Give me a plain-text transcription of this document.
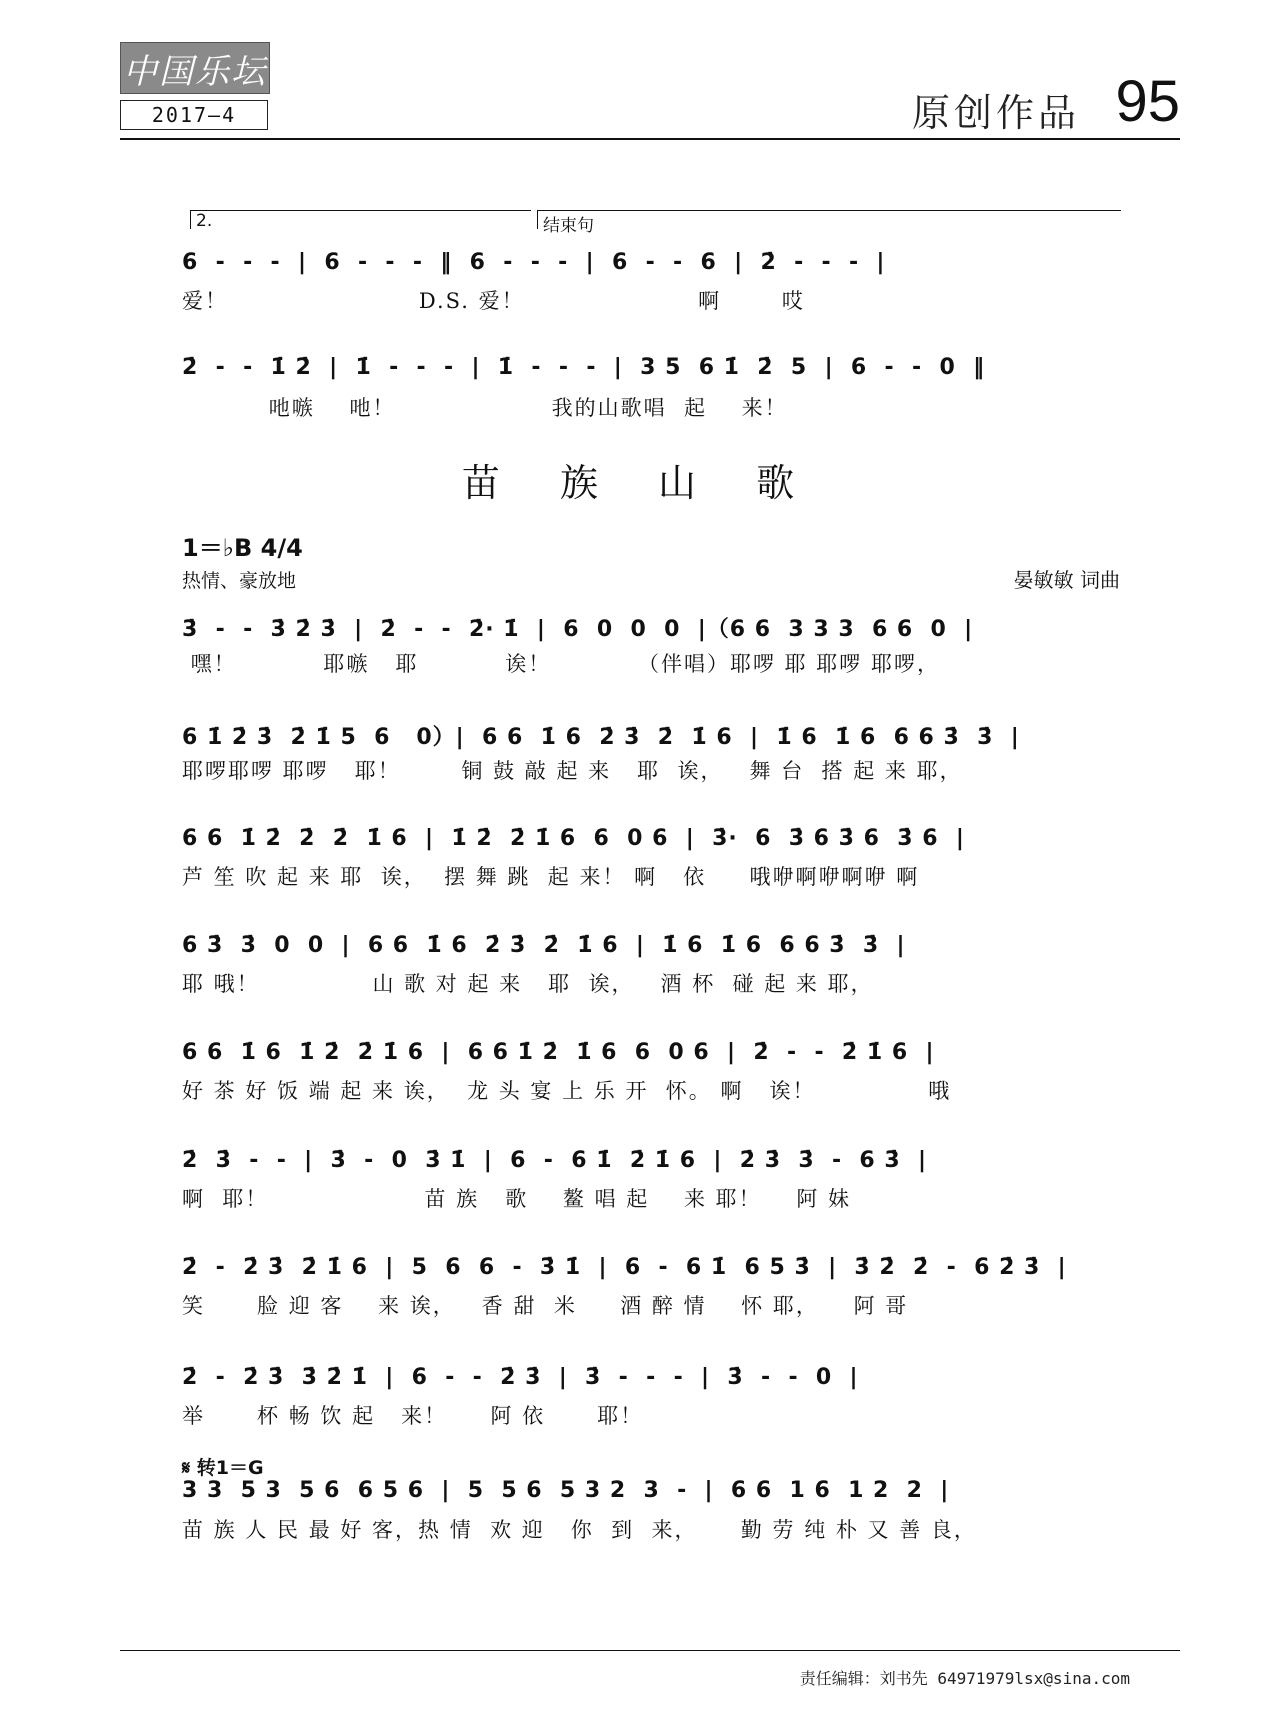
中国乐坛
2017—4	原创作品 95
2.	结束句
6  -  -  -  |  6  -  -  -  ‖  6  -  -  -  |  6  -  -  6  |  2̇  -  -  -  |
爱！                      D.S. 爱！                    啊       哎
2̇  -  -  1̇ 2̇  |  1̇  -  -  -  |  1̇  -  -  -  |  3 5  6 1̇  2̇  5  |  6  -  -  0  ‖
吔嗾    吔！                  我的山歌唱  起    来！
苗 族 山 歌
1＝♭B 4/4
热情、豪放地	晏敏敏 词曲
3̇  -  -  3̇ 2̇ 3̇  |  2̇  -  -  2̇· 1̇  |  6  0  0  0  |（6 6  3 3 3  6 6  0  |
嘿！          耶嗾   耶          诶！          （伴唱）耶啰 耶 耶啰 耶啰，
6 1̇ 2̇ 3̇  2̇ 1̇ 5  6   0）|  6 6  1̇ 6  2̇ 3̇  2̇  1̇ 6  |  1̇ 6  1̇ 6  6 6 3̇  3̇  |
耶啰耶啰 耶啰   耶！       铜 鼓 敲 起 来   耶  诶，   舞 台  搭 起 来 耶，
6 6  1̇ 2̇  2̇  2̇  1̇ 6  |  1̇ 2̇  2̇ 1̇ 6  6  0 6  |  3̇·  6  3̇ 6 3̇ 6  3̇ 6  |
芦 笙 吹 起 来 耶  诶，  摆 舞 跳  起 来！ 啊   依     哦咿啊咿啊咿 啊
6 3̇  3̇  0  0  |  6 6  1̇ 6  2̇ 3̇  2̇  1̇ 6  |  1̇ 6  1̇ 6  6 6 3̇  3̇  |
耶 哦！             山 歌 对 起 来   耶  诶，   酒 杯  碰 起 来 耶，
6 6  1̇ 6  1̇ 2̇  2̇ 1̇ 6  |  6 6 1̇ 2̇  1̇ 6  6  0 6  |  2̇  -  -  2̇ 1̇ 6  |
好 茶 好 饭 端 起 来 诶，  龙 头 宴 上 乐 开  怀。 啊   诶！             哦
2̇  3̇  -  -  |  3̇  -  0  3̇ 1̇  |  6  -  6 1̇  2̇ 1̇ 6  |  2̇ 3̇  3̇  -  6 3̇  |
啊  耶！                  苗 族   歌    鳌 唱 起    来 耶！    阿 妹
2̇  -  2̇ 3̇  2̇ 1̇ 6  |  5  6  6  -  3̇ 1̇  |  6  -  6 1̇  6 5 3̇  |  3̇ 2̇  2̇  -  6 2̇ 3̇  |
笑      脸 迎 客    来 诶，   香 甜  米     酒 醉 情    怀 耶，    阿 哥
2̇  -  2̇ 3̇  3̇ 2̇ 1̇  |  6  -  -  2̇ 3̇  |  3̇  -  -  -  |  3̇  -  -  0  |
举      杯 畅 饮 起   来！     阿 依      耶！
𝄋 转1＝G
3 3  5 3  5 6  6 5 6  |  5  5 6  5 3 2  3  -  |  6 6  1 6  1 2  2  |
苗 族 人 民 最 好 客，热 情  欢 迎   你  到  来，     勤 劳 纯 朴 又 善 良，
责任编辑：刘书先 64971979lsx@sina.com
